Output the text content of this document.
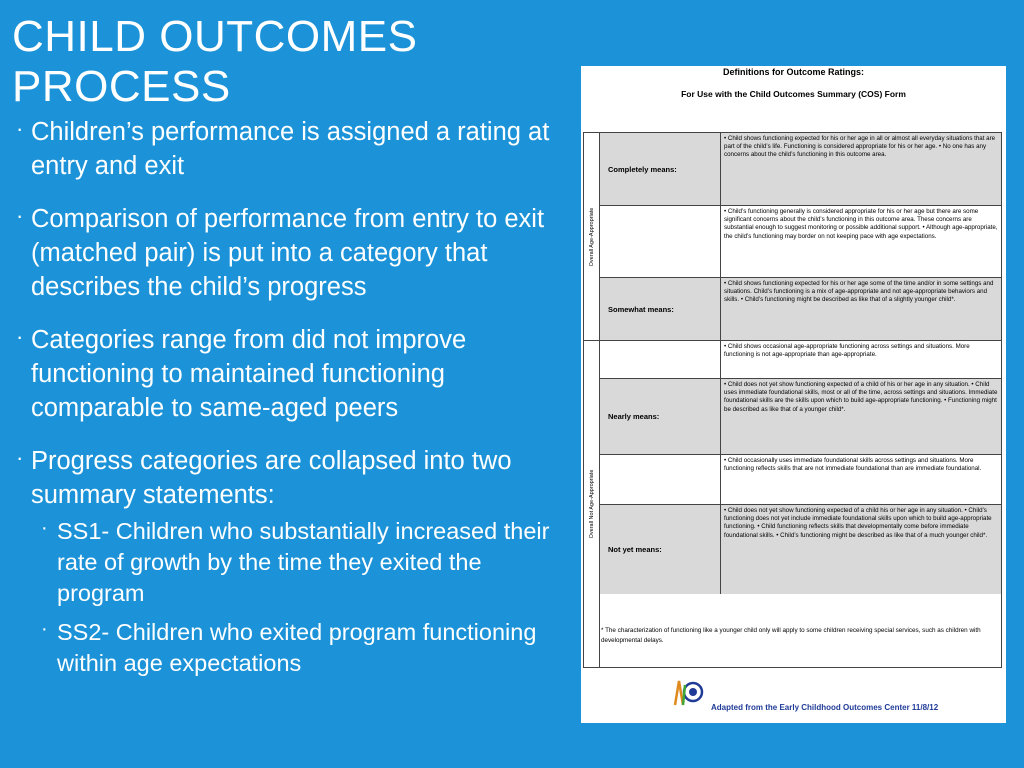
CHILD OUTCOMES
PROCESS
· Children’s performance is assigned a rating at entry and exit
· Comparison of performance from entry to exit (matched pair) is put into a category that describes the child’s progress
· Categories range from did not improve functioning to maintained functioning comparable to same-aged peers
· Progress categories are collapsed into two summary statements:
· SS1- Children who substantially increased their rate of growth by the time they exited the program
· SS2- Children who exited program functioning within age expectations
Definitions for Outcome Ratings:
For Use with the Child Outcomes Summary (COS) Form
Overall Age-Appropriate
Overall Not Age-Appropriate
Completely means:
• Child shows functioning expected for his or her age in all or almost all everyday situations that are part of the child’s life. Functioning is considered appropriate for his or her age. • No one has any concerns about the child’s functioning in this outcome area.
• Child’s functioning generally is considered appropriate for his or her age but there are some significant concerns about the child’s functioning in this outcome area. These concerns are substantial enough to suggest monitoring or possible additional support. • Although age-appropriate, the child’s functioning may border on not keeping pace with age expectations.
Somewhat means:
• Child shows functioning expected for his or her age some of the time and/or in some settings and situations. Child’s functioning is a mix of age-appropriate and not age-appropriate behaviors and skills. • Child’s functioning might be described as like that of a slightly younger child*.
• Child shows occasional age-appropriate functioning across settings and situations. More functioning is not age-appropriate than age-appropriate.
Nearly means:
• Child does not yet show functioning expected of a child of his or her age in any situation. • Child uses immediate foundational skills, most or all of the time, across settings and situations. Immediate foundational skills are the skills upon which to build age-appropriate functioning. • Functioning might be described as like that of a younger child*.
• Child occasionally uses immediate foundational skills across settings and situations. More functioning reflects skills that are not immediate foundational than are immediate foundational.
Not yet means:
• Child does not yet show functioning expected of a child his or her age in any situation. • Child’s functioning does not yet include immediate foundational skills upon which to build age-appropriate functioning. • Child functioning reflects skills that developmentally come before immediate foundational skills. • Child’s functioning might be described as like that of a much younger child*.
* The characterization of functioning like a younger child only will apply to some children receiving special services, such as children with developmental delays.
Adapted from the Early Childhood Outcomes Center 11/8/12
